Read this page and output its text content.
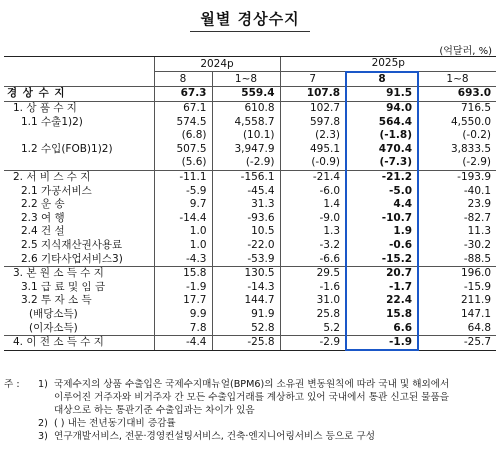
월별 경상수지
(억달러, %)
	2024p		2025p		
	8	1~8	7	8	1~8
경 상 수 지	67.3	559.4	107.8	91.5	693.0
1. 상 품 수 지	67.1	610.8	102.7	94.0	716.5
1.1 수출1)2)	574.5	4,558.7	597.8	564.4	4,550.0
	(6.8)	(10.1)	(2.3)	(-1.8)	(-0.2)
1.2 수입(FOB)1)2)	507.5	3,947.9	495.1	470.4	3,833.5
	(5.6)	(-2.9)	(-0.9)	(-7.3)	(-2.9)
2. 서 비 스 수 지	-11.1	-156.1	-21.4	-21.2	-193.9
2.1 가공서비스	-5.9	-45.4	-6.0	-5.0	-40.1
2.2 운 송	9.7	31.3	1.4	4.4	23.9
2.3 여 행	-14.4	-93.6	-9.0	-10.7	-82.7
2.4 건 설	1.0	10.5	1.3	1.9	11.3
2.5 지식재산권사용료	1.0	-22.0	-3.2	-0.6	-30.2
2.6 기타사업서비스3)	-4.3	-53.9	-6.6	-15.2	-88.5
3. 본 원 소 득 수 지	15.8	130.5	29.5	20.7	196.0
3.1 급 료 및 임 금	-1.9	-14.3	-1.6	-1.7	-15.9
3.2 투 자 소 득	17.7	144.7	31.0	22.4	211.9
(배당소득)	9.9	91.9	25.8	15.8	147.1
(이자소득)	7.8	52.8	5.2	6.6	64.8
4. 이 전 소 득 수 지	-4.4	-25.8	-2.9	-1.9	-25.7
주 :	1) 국제수지의 상품 수출입은 국제수지매뉴얼(BPM6)의 소유권 변동원칙에 따라 국내 및 해외에서
이루어진 거주자와 비거주자 간 모든 수출입거래를 계상하고 있어 국내에서 통관 신고된 물품을
대상으로 하는 통관기준 수출입과는 차이가 있음
2) ( ) 내는 전년동기대비 증감률
3) 연구개발서비스, 전문·경영컨설팅서비스, 건축·엔지니어링서비스 등으로 구성
